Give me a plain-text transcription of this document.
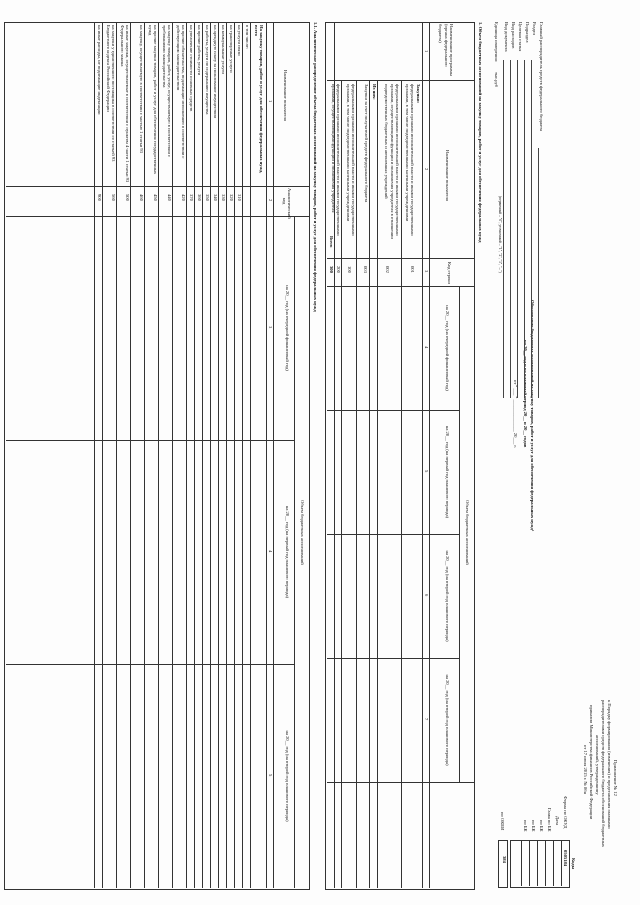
Приложение № 12
к Порядку формирования (изменения) и представления главными
распорядителями средств федерального бюджета обоснований бюджетных
ассигнований, утвержденному
приказом Министерства финансов Российской Федерации
от 17 июля 2015 г. № 86н
Коды
0505184
Форма по ОКУД
Дата
Глава по БК
по БК
по БК
по БК
по ОКЕИ
384
Обоснования бюджетных ассигнований на закупку товаров, работ и услуг для обеспечения федеральных нужд¹
на 20__ год и на плановый период 20__ и 20__ годов
от " ___ " ______________ 20___ г.
Главный распорядитель средств федерального бюджета
Раздел
Подраздел
Целевая статья
Вид расходов
Вид документа
(первичный – "0", уточненный – "1", "2", "3", "...")
Единица измерения:
тыс.руб
1. Объем бюджетных ассигнований на закупку товаров, работ и услуг для обеспечения федеральных нужд
Наименование программы (органа федерального бюджета)
Наименование показателя
Код строки
Объем бюджетных ассигнований
на 20__ год (на очередной финансовый год)
на 20__ год (на первый год планового периода)
на 20__ год (на второй год планового периода)
на 20__ год (на второй год планового периода)
1
2
3
4
5
6
7
Закупки:
федеральными органами исполнительной власти и иными государственными органами, в том числе подведомственными казенными учреждениями
001
федеральными органами исполнительной власти и иными государственными органами, осуществляющими функции и полномочия учредителя в отношении подведомственных бюджетных и автономных учреждений
002
Из них:
Закупки за счет получателей средств федерального бюджета
003
федеральными органами исполнительной власти и иными государственными органами, в том числе подведомственными казенными учреждениями
100
федеральными органами исполнительной власти и иными государственными органами, осуществляющими функции и полномочия учредителя
200
Всего
300
1.1. Аналитическое распределение объема бюджетных ассигнований на закупку товаров, работ и услуг для обеспечения федеральных нужд
Наименование показателя
Аналитический код
Объем бюджетных ассигнований
на 20__ год (на очередной финансовый год)
на 20__ год (на первый год планового периода)
на 20__ год (на второй год планового периода)
1
2
3
4
5
На закупку товаров, работ и услуг для обеспечения федеральных нужд, всего
в том числе:
на услуги связи
310
на транспортные услуги
320
на коммунальные услуги
330
на арендную плату за пользование имуществом
340
на работы, услуги по содержанию имущества
350
на прочие работы, услуги
360
на увеличение стоимости основных средств
370
на прочие обязательства, подлежащие исполнению в соответствии с действующим законодательством
420
на закупку товаров, работ, услуг, осуществляемую в соответствии с требованиями законодательства
440
на прочие закупки товаров, работ и услуг для обеспечения государственных нужд
450
на закупку, осуществляемую в соответствии с частью 1 статьи 93
460
на иные закупки, осуществляемые в соответствии с пунктом 4 части 1 статьи 93 Федерального закона
500
на закупки у единственного поставщика в соответствии со статьей 93 Бюджетного кодекса Российской Федерации
560
на иные расходы, не подлежащие индексации
900
